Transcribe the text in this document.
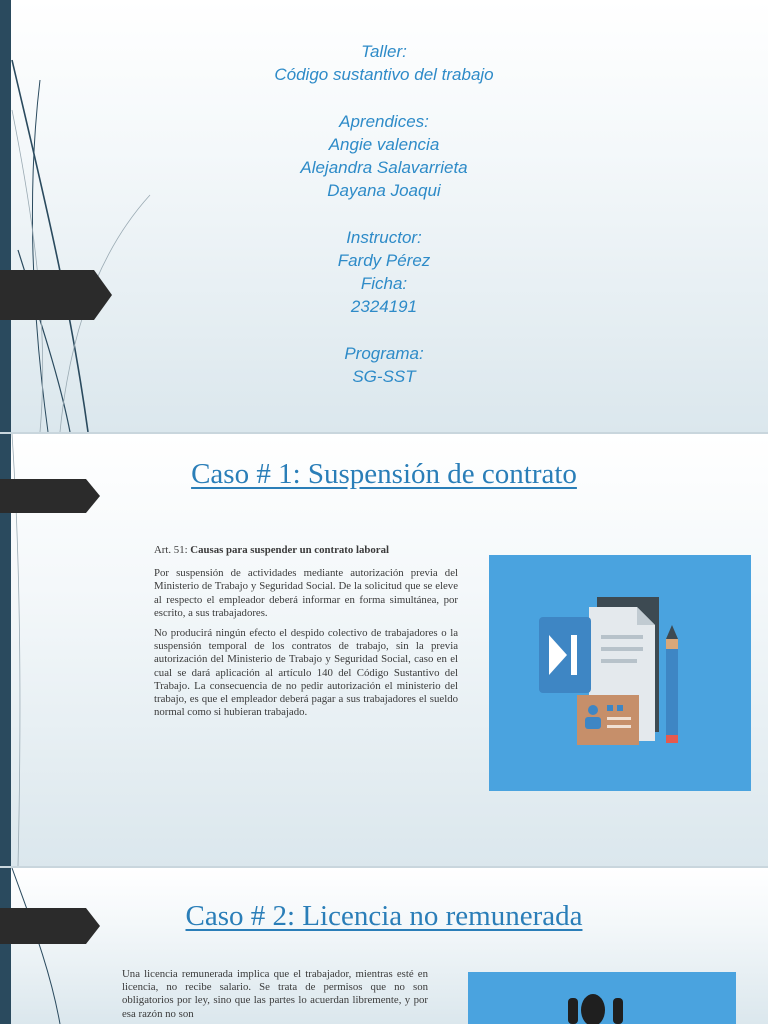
Taller:
Código sustantivo del trabajo
Aprendices:
Angie valencia
Alejandra Salavarrieta
Dayana Joaqui
Instructor:
Fardy Pérez
Ficha:
2324191
Programa:
SG-SST
Caso # 1: Suspensión de contrato
Art. 51: Causas para suspender un contrato laboral

Por suspensión de actividades mediante autorización previa del Ministerio de Trabajo y Seguridad Social. De la solicitud que se eleve al respecto el empleador deberá informar en forma simultánea, por escrito, a sus trabajadores.

No producirá ningún efecto el despido colectivo de trabajadores o la suspensión temporal de los contratos de trabajo, sin la previa autorización del Ministerio de Trabajo y Seguridad Social, caso en el cual se dará aplicación al artículo 140 del Código Sustantivo del Trabajo. La consecuencia de no pedir autorización el ministerio del trabajo, es que el empleador deberá pagar a sus trabajadores el sueldo normal como si hubieran trabajado.

Caso # 2: Licencia no remunerada

Una licencia remunerada implica que el trabajador, mientras esté en licencia, no recibe salario. Se trata de permisos que no son obligatorios por ley, sino que las partes lo acuerdan libremente, y por esa razón no son
